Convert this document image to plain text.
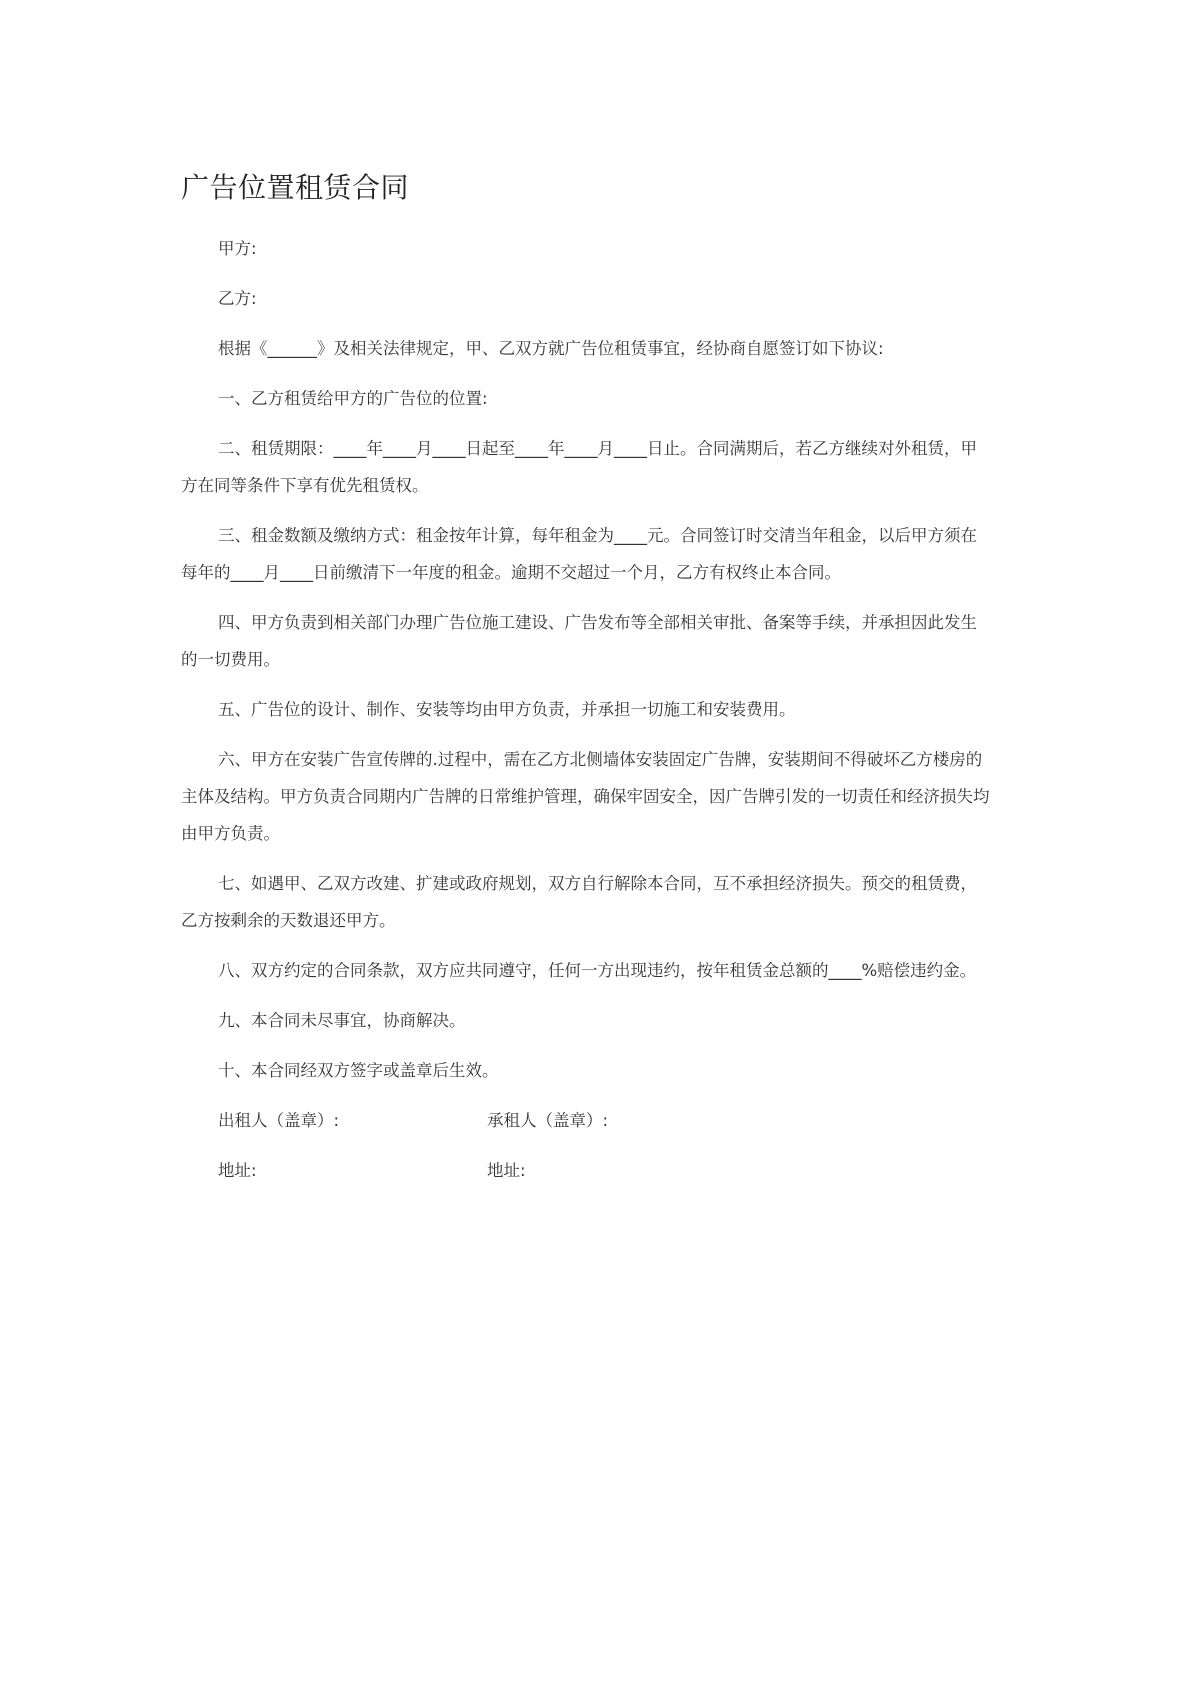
广告位置租赁合同

甲方:

乙方:

根据《______》及相关法律规定，甲、乙双方就广告位租赁事宜，经协商自愿签订如下协议:

一、乙方租赁给甲方的广告位的位置:

二、租赁期限：____年____月____日起至____年____月____日止。合同满期后，若乙方继续对外租赁，甲方在同等条件下享有优先租赁权。

三、租金数额及缴纳方式：租金按年计算，每年租金为____元。合同签订时交清当年租金，以后甲方须在每年的____月____日前缴清下一年度的租金。逾期不交超过一个月，乙方有权终止本合同。

四、甲方负责到相关部门办理广告位施工建设、广告发布等全部相关审批、备案等手续，并承担因此发生的一切费用。

五、广告位的设计、制作、安装等均由甲方负责，并承担一切施工和安装费用。

六、甲方在安装广告宣传牌的.过程中，需在乙方北侧墙体安装固定广告牌，安装期间不得破坏乙方楼房的主体及结构。甲方负责合同期内广告牌的日常维护管理，确保牢固安全，因广告牌引发的一切责任和经济损失均由甲方负责。

七、如遇甲、乙双方改建、扩建或政府规划，双方自行解除本合同，互不承担经济损失。预交的租赁费，乙方按剩余的天数退还甲方。

八、双方约定的合同条款，双方应共同遵守，任何一方出现违约，按年租赁金总额的____%赔偿违约金。

九、本合同未尽事宜，协商解决。

十、本合同经双方签字或盖章后生效。

出租人（盖章）:	承租人（盖章）:
地址:	地址:
